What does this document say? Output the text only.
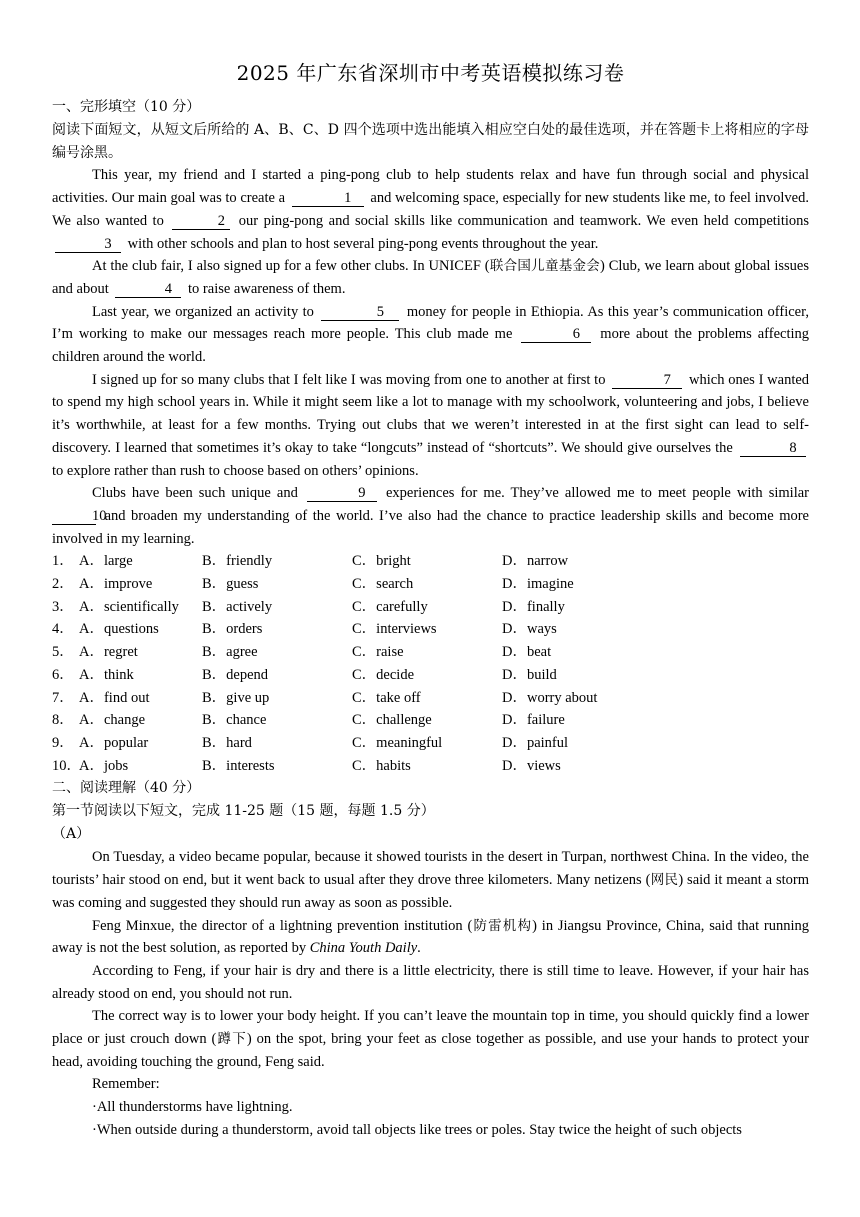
2025 年广东省深圳市中考英语模拟练习卷
一、完形填空（10 分）

阅读下面短文，从短文后所给的 A、B、C、D 四个选项中选出能填入相应空白处的最佳选项，并在答题卡上将相应的字母编号涂黑。

This year, my friend and I started a ping-pong club to help students relax and have fun through social and physical activities. Our main goal was to create a	1 and welcoming space, especially for new students like me, to feel involved. We also wanted to	2 our ping-pong and social skills like communication and teamwork. We even held competitions 3 with other schools and plan to host several ping-pong events throughout the year.

At the club fair, I also signed up for a few other clubs. In UNICEF (联合国儿童基金会) Club, we learn about global issues and about	4 to raise awareness of them.

Last year, we organized an activity to	5 money for people in Ethiopia. As this year’s communication officer, I’m working to make our messages reach more people. This club made me	6 more about the problems affecting children around the world.

I signed up for so many clubs that I felt like I was moving from one to another at first to	7 which ones I wanted to spend my high school years in. While it might seem like a lot to manage with my schoolwork, volunteering and jobs, I believe it’s worthwhile, at least for a few months. Trying out clubs that we weren’t interested in at the first sight can lead to self-discovery. I learned that sometimes it’s okay to take “longcuts” instead of “shortcuts”. We should give ourselves the	8 to explore rather than rush to choose based on others’ opinions.

Clubs have been such unique and	9 experiences for me. They’ve allowed me to meet people with similar 10 and broaden my understanding of the world. I’ve also had the chance to practice leadership skills and become more involved in my learning.

1． A．large	B．friendly	C．bright	D．narrow
2． A．improve	B．guess	C．search	D．imagine
3． A．scientifically	B．actively	C．carefully	D．finally
4． A．questions	B．orders	C．interviews	D．ways
5． A．regret	B．agree	C．raise	D．beat
6． A．think	B．depend	C．decide	D．build
7． A．find out	B．give up	C．take off	D．worry about
8． A．change	B．chance	C．challenge	D．failure
9． A．popular	B．hard	C．meaningful	D．painful
10．
A．jobs	B．interests	C．habits	D．views
二、阅读理解（40 分）
第一节阅读以下短文，完成 11-25 题（15 题，每题 1.5 分）
（A）

On Tuesday, a video became popular, because it showed tourists in the desert in Turpan, northwest China. In the video, the tourists’ hair stood on end, but it went back to usual after they drove three kilometers. Many netizens (网民) said it meant a storm was coming and suggested they should run away as soon as possible.

Feng Minxue, the director of a lightning prevention institution (防雷机构) in Jiangsu Province, China, said that running away is not the best solution, as reported by China Youth Daily.

According to Feng, if your hair is dry and there is a little electricity, there is still time to leave. However, if your hair has already stood on end, you should not run.

The correct way is to lower your body height. If you can’t leave the mountain top in time, you should quickly find a lower place or just crouch down (蹲下) on the spot, bring your feet as close together as possible, and use your hands to protect your head, avoiding touching the ground, Feng said.

Remember:

·All thunderstorms have lightning.

·When outside during a thunderstorm, avoid tall objects like trees or poles. Stay twice the height of such objects
